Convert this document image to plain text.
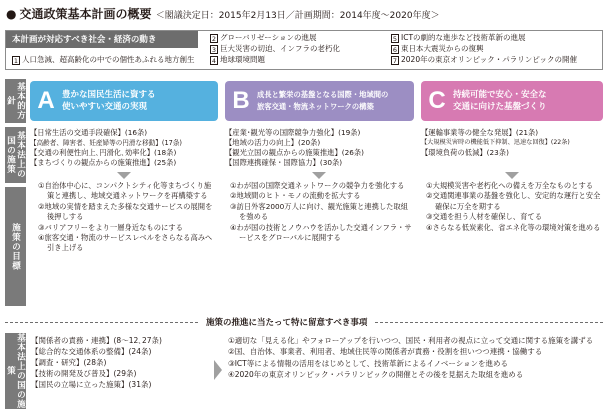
● 交通政策基本計画の概要 ＜閣議決定日：2015年2月13日／計画期間：2014年度～2020年度＞
本計画が対応すべき社会・経済の動き
1 人口急減、超高齢化の中での個性あふれる地方創生
2 グローバリゼーションの進展
3 巨大災害の切迫、インフラの老朽化
4 地球環境問題
5 ICTの劇的な進歩など技術革新の進展
6 東日本大震災からの復興
7 2020年の東京オリンピック・パラリンピックの開催
基本的方針
基本法上の国の施策
施策の目標
基本法上の国の施策
A 豊かな国民生活に資する
使いやすい交通の実現
【日常生活の交通手段確保】(16条)
【高齢者、障害者、妊産婦等の円滑な移動】(17条)
【交通の利便性向上､円滑化､効率化】(18条)
【まちづくりの観点からの施策推進】(25条)
①自治体中心に、コンパクトシティ化等まちづくり施策と連携し、地域交通ネットワークを再構築する
②地域の実情を踏まえた多様な交通サービスの展開を後押しする
③バリアフリーをより一層身近なものにする
④旅客交通・物流のサービスレベルをさらなる高みへ引き上げる
B	成長と繁栄の基盤となる国際・地域間の
旅客交通・物流ネットワークの構築
【産業･観光等の国際競争力強化】(19条)
【地域の活力の向上】(20条)
【観光立国の観点からの施策推進】(26条)
【国際連携確保・国際協力】(30条)
①わが国の国際交通ネットワークの競争力を強化する
②地域間のヒト・モノの流動を拡大する
③訪日外客2000万人に向け、観光施策と連携した取組を強める
④わが国の技術とノウハウを活かした交通インフラ・サービスをグローバルに展開する
C 持続可能で安心・安全な
交通に向けた基盤づくり
【運輸事業等の健全な発展】(21条)
【大規模災害時の機能低下抑制、迅速な回復】(22条)
【環境負荷の低減】(23条)
①大規模災害や老朽化への備えを万全なものとする
②交通関連事業の基盤を強化し、安定的な運行と安全確保に万全を期する
③交通を担う人材を確保し、育てる
④さらなる低炭素化、省エネ化等の環境対策を進める
施策の推進に当たって特に留意すべき事項
【関係者の責務・連携】(8～12､27条)
【総合的な交通体系の整備】(24条)
【調査・研究】(28条)
【技術の開発及び普及】(29条)
【国民の立場に立った施策】(31条)
①適切な「見える化」やフォローアップを行いつつ、国民・利用者の視点に立って交通に関する施策を講ずる
②国、自治体、事業者、利用者、地域住民等の関係者が責務・役割を担いつつ連携・協働する
③ICT等による情報の活用をはじめとして、技術革新によるイノベーションを進める
④2020年の東京オリンピック・パラリンピックの開催とその後を見据えた取組を進める
